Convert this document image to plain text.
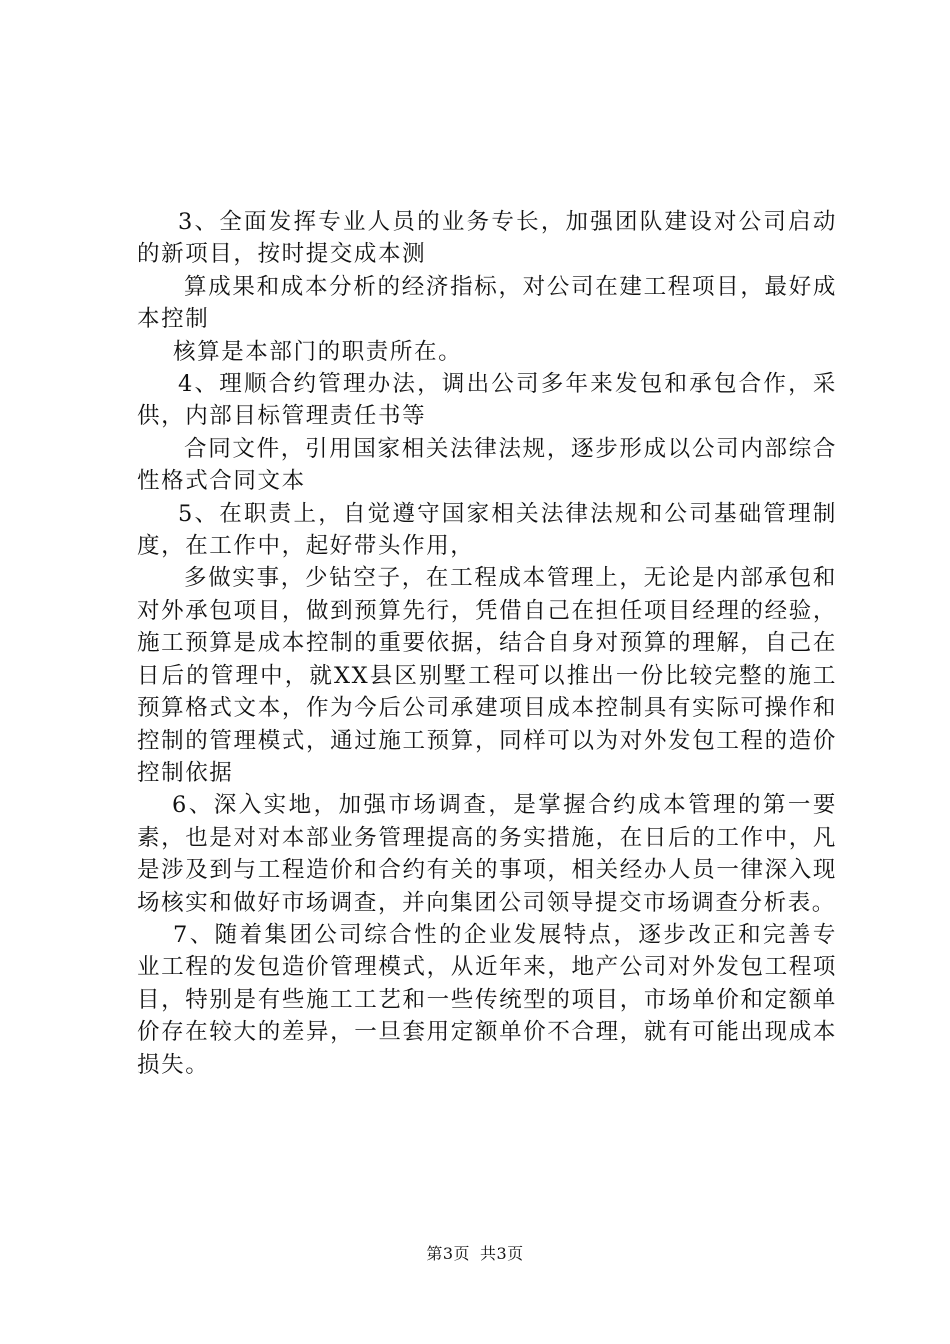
3、全面发挥专业人员的业务专长，加强团队建设对公司启动的新项目，按时提交成本测

算成果和成本分析的经济指标，对公司在建工程项目，最好成本控制

核算是本部门的职责所在。

4、理顺合约管理办法，调出公司多年来发包和承包合作，采供，内部目标管理责任书等

合同文件，引用国家相关法律法规，逐步形成以公司内部综合性格式合同文本

5、在职责上，自觉遵守国家相关法律法规和公司基础管理制度，在工作中，起好带头作用，

多做实事，少钻空子，在工程成本管理上，无论是内部承包和对外承包项目，做到预算先行，凭借自己在担任项目经理的经验，施工预算是成本控制的重要依据，结合自身对预算的理解，自己在日后的管理中，就XX县区别墅工程可以推出一份比较完整的施工预算格式文本，作为今后公司承建项目成本控制具有实际可操作和控制的管理模式，通过施工预算，同样可以为对外发包工程的造价控制依据

6、深入实地，加强市场调查，是掌握合约成本管理的第一要素，也是对对本部业务管理提高的务实措施，在日后的工作中，凡是涉及到与工程造价和合约有关的事项，相关经办人员一律深入现场核实和做好市场调查，并向集团公司领导提交市场调查分析表。

7、随着集团公司综合性的企业发展特点，逐步改正和完善专业工程的发包造价管理模式，从近年来，地产公司对外发包工程项目，特别是有些施工工艺和一些传统型的项目，市场单价和定额单价存在较大的差异，一旦套用定额单价不合理，就有可能出现成本损失。

第3页 共3页
